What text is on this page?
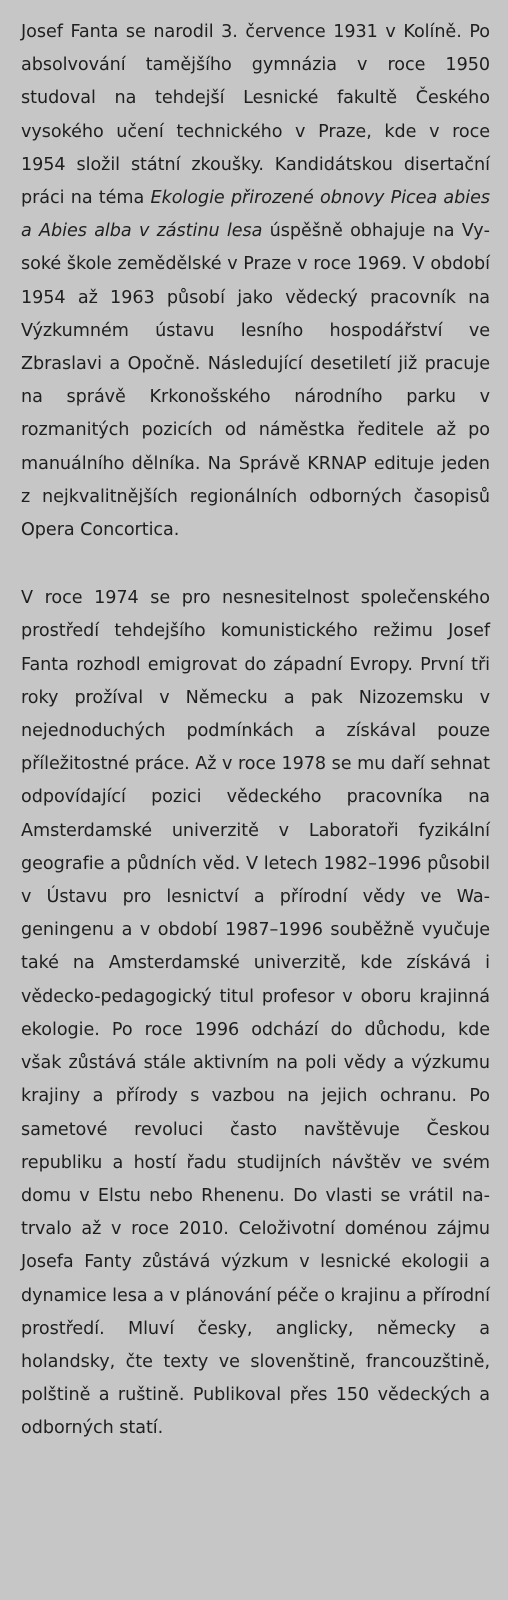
Josef Fanta se narodil 3. července 1931 v Kolíně. Po absolvování tamějšího gymnázia v roce 1950 studoval na tehdejší Lesnické fakultě Českého vysokého učení technického v Praze, kde v roce 1954 složil státní zkoušky. Kandidátskou disertační práci na téma Ekologie přirozené obnovy Picea abies a Abies alba v zástinu lesa úspěšně obhajuje na Vysoké škole zemědělské v Praze v roce 1969. V období 1954 až 1963 působí jako vědecký pracovník na Výzkumném ústavu lesního hospodářství ve Zbraslavi a Opočně. Následující desetiletí již pracuje na správě Krkonošského národního parku v rozmanitých pozicích od náměstka ředitele až po manuálního dělníka. Na Správě KRNAP edituje jeden z nejkvalitnějších regionálních odborných časopisů Opera Concortica.

V roce 1974 se pro nesnesitelnost společenského prostředí tehdejšího komunistického režimu Josef Fanta rozhodl emigrovat do západní Evropy. První tři roky prožíval v Německu a pak Nizozemsku v nejednoduchých podmínkách a získával pouze příležitostné práce. Až v roce 1978 se mu daří sehnat odpovídající pozici vědeckého pracovníka na Amsterdamské univerzitě v Laboratoři fyzikální geografie a půdních věd. V letech 1982–1996 působil v Ústavu pro lesnictví a přírodní vědy ve Wageningenu a v období 1987–1996 souběžně vyučuje také na Amsterdamské univerzitě, kde získává i vědecko-pedagogický titul profesor v oboru krajinná ekologie. Po roce 1996 odchází do důchodu, kde však zůstává stále aktivním na poli vědy a výzkumu krajiny a přírody s vazbou na jejich ochranu. Po sametové revoluci často navštěvuje Českou republiku a hostí řadu studijních návštěv ve svém domu v Elstu nebo Rhenenu. Do vlasti se vrátil natrvalo až v roce 2010. Celoživotní doménou zájmu Josefa Fanty zůstává výzkum v lesnické ekologii a dynamice lesa a v plánování péče o krajinu a přírodní prostředí. Mluví česky, anglicky, německy a holandsky, čte texty ve slovenštině, francouzštině, polštině a ruštině. Publikoval přes 150 vědeckých a odborných statí.
